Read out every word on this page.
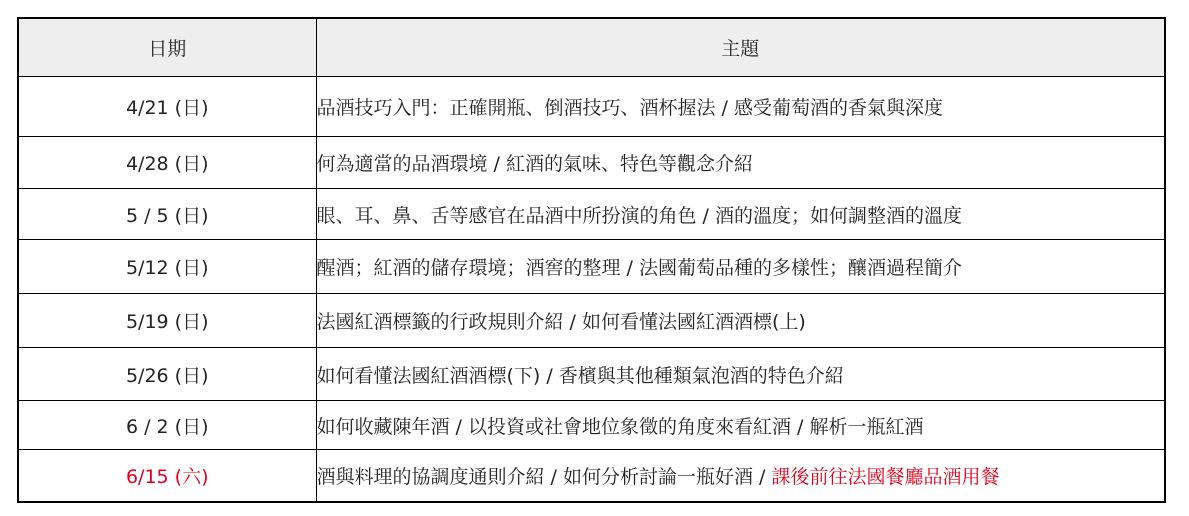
日期	主題
4/21 (日)	品酒技巧入門：正確開瓶、倒酒技巧、酒杯握法 / 感受葡萄酒的香氣與深度
4/28 (日)	何為適當的品酒環境 / 紅酒的氣味、特色等觀念介紹
5 / 5 (日)	眼、耳、鼻、舌等感官在品酒中所扮演的角色 / 酒的溫度；如何調整酒的溫度
5/12 (日)	醒酒；紅酒的儲存環境；酒窖的整理 / 法國葡萄品種的多樣性；釀酒過程簡介
5/19 (日)	法國紅酒標籤的行政規則介紹 / 如何看懂法國紅酒酒標(上)
5/26 (日)	如何看懂法國紅酒酒標(下) / 香檳與其他種類氣泡酒的特色介紹
6 / 2 (日)	如何收藏陳年酒 / 以投資或社會地位象徵的角度來看紅酒 / 解析一瓶紅酒
6/15 (六)	酒與料理的協調度通則介紹 / 如何分析討論一瓶好酒 / 課後前往法國餐廳品酒用餐
